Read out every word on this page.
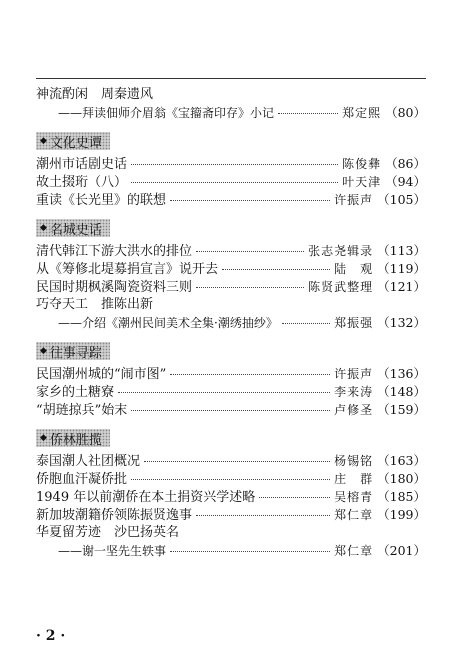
神流酌闲　周秦遗风
——拜读佃师介眉翁《宝籀斋印存》小记	郑定熙 （80）
◆ 文化史谭
潮州市话剧史话	陈俊彝 （86）
故土掇珩（八）	叶天津 （94）
重读《长光里》的联想	许振声 （105）
◆ 名城史话
清代韩江下游大洪水的排位	张志尧辑录 （113）
从《筹修北堤募捐宣言》说开去	陆　观 （119）
民国时期枫溪陶瓷资料三则	陈贤武整理 （121）
巧夺天工　推陈出新
——介绍《潮州民间美术全集·潮绣抽纱》	郑振强 （132）
◆ 往事寻踪
民国潮州城的“闹市图”	许振声 （136）
家乡的土糖寮	李来涛 （148）
“胡琏掠兵”始末	卢修圣 （159）
◆ 侨林胜揽
泰国潮人社团概况	杨锡铭 （163）
侨胞血汗凝侨批	庄　群 （180）
1949 年以前潮侨在本土捐资兴学述略	吴榕青 （185）
新加坡潮籍侨领陈振贤逸事	郑仁章 （199）
华夏留芳迹　沙巴扬英名
——谢一坚先生轶事	郑仁章 （201）
· 2 ·
